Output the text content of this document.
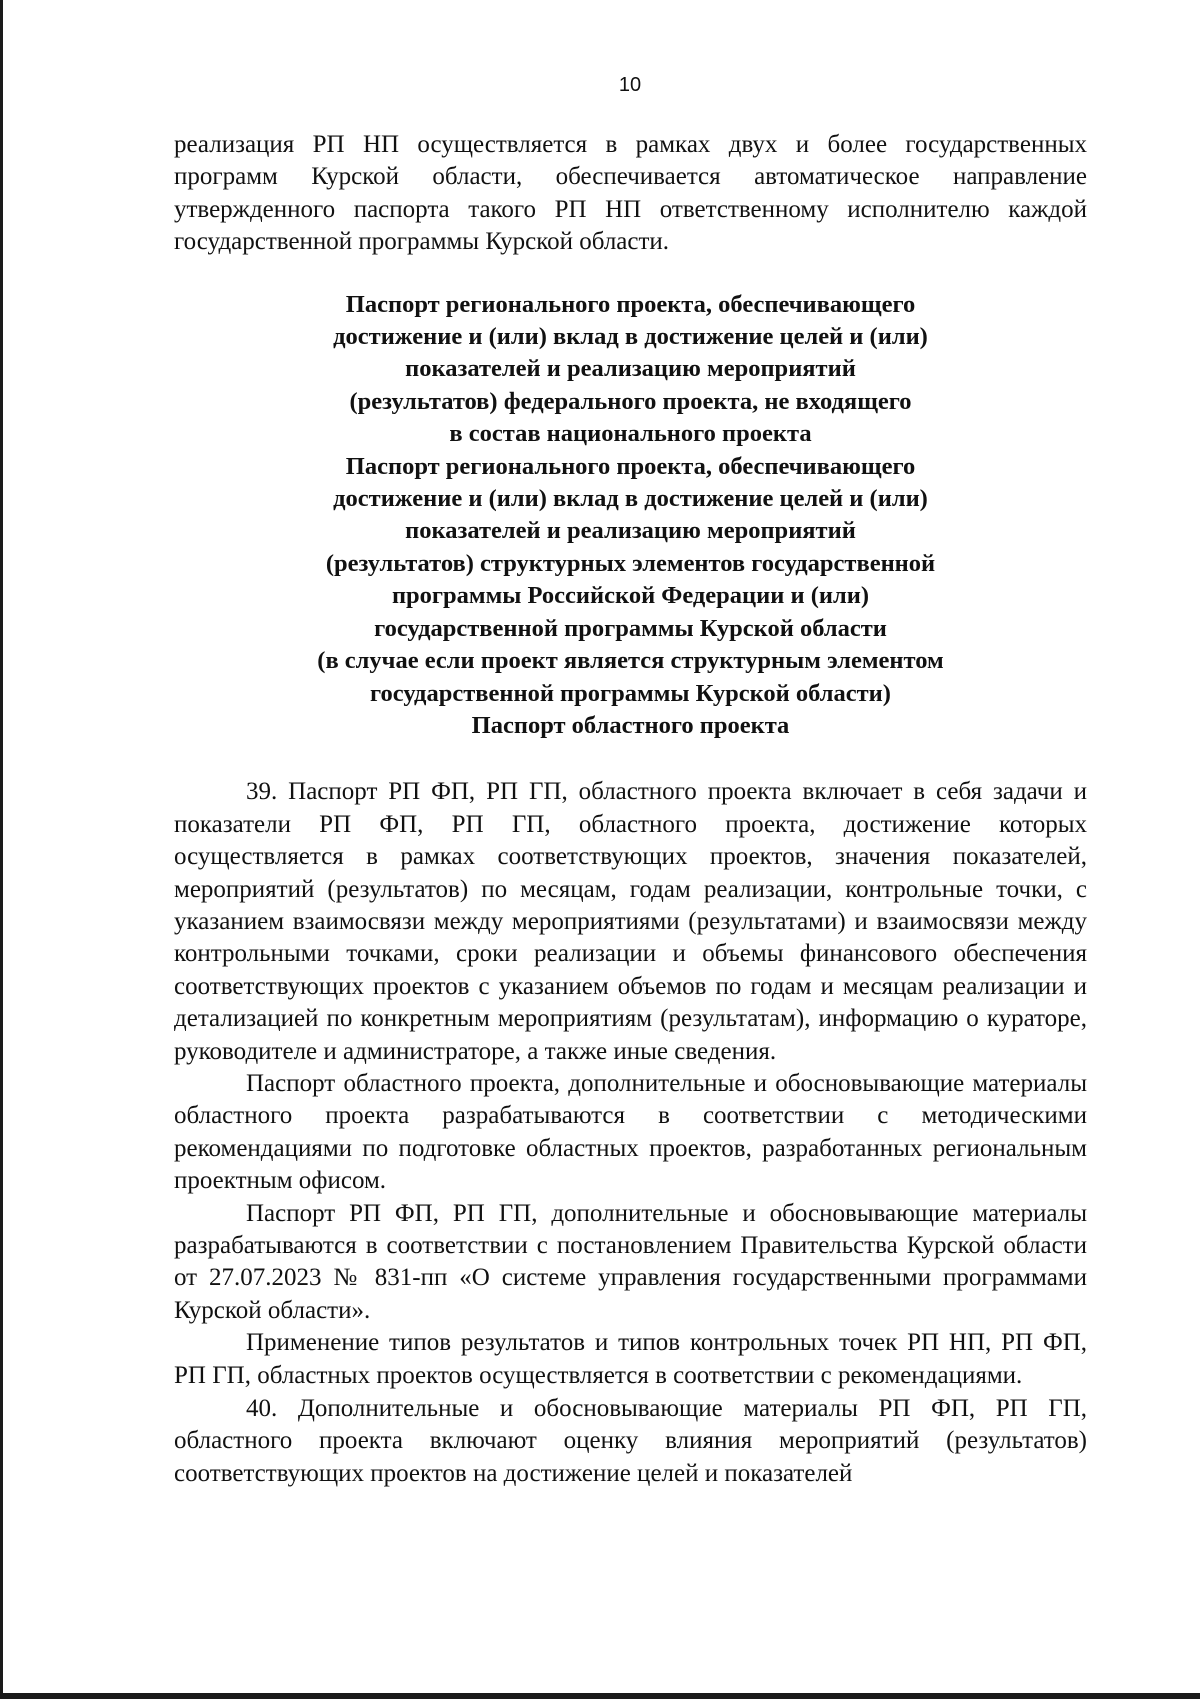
10

реализация РП НП осуществляется в рамках двух и более государственных программ Курской области, обеспечивается автоматическое направление утвержденного паспорта такого РП НП ответственному исполнителю каждой государственной программы Курской области.

Паспорт регионального проекта, обеспечивающего
достижение и (или) вклад в достижение целей и (или)
показателей и реализацию мероприятий
(результатов) федерального проекта, не входящего
в состав национального проекта
Паспорт регионального проекта, обеспечивающего
достижение и (или) вклад в достижение целей и (или)
показателей и реализацию мероприятий
(результатов) структурных элементов государственной
программы Российской Федерации и (или)
государственной программы Курской области
(в случае если проект является структурным элементом
государственной программы Курской области)
Паспорт областного проекта

39. Паспорт РП ФП, РП ГП, областного проекта включает в себя задачи и показатели РП ФП, РП ГП, областного проекта, достижение которых осуществляется в рамках соответствующих проектов, значения показателей, мероприятий (результатов) по месяцам, годам реализации, контрольные точки, с указанием взаимосвязи между мероприятиями (результатами) и взаимосвязи между контрольными точками, сроки реализации и объемы финансового обеспечения соответствующих проектов с указанием объемов по годам и месяцам реализации и детализацией по конкретным мероприятиям (результатам), информацию о кураторе, руководителе и администраторе, а также иные сведения.

Паспорт областного проекта, дополнительные и обосновывающие материалы областного проекта разрабатываются в соответствии с методическими рекомендациями по подготовке областных проектов, разработанных региональным проектным офисом.

Паспорт РП ФП, РП ГП, дополнительные и обосновывающие материалы разрабатываются в соответствии с постановлением Правительства Курской области от 27.07.2023 № 831-пп «О системе управления государственными программами Курской области».

Применение типов результатов и типов контрольных точек РП НП, РП ФП, РП ГП, областных проектов осуществляется в соответствии с рекомендациями.

40. Дополнительные и обосновывающие материалы РП ФП, РП ГП, областного проекта включают оценку влияния мероприятий (результатов) соответствующих проектов на достижение целей и показателей
